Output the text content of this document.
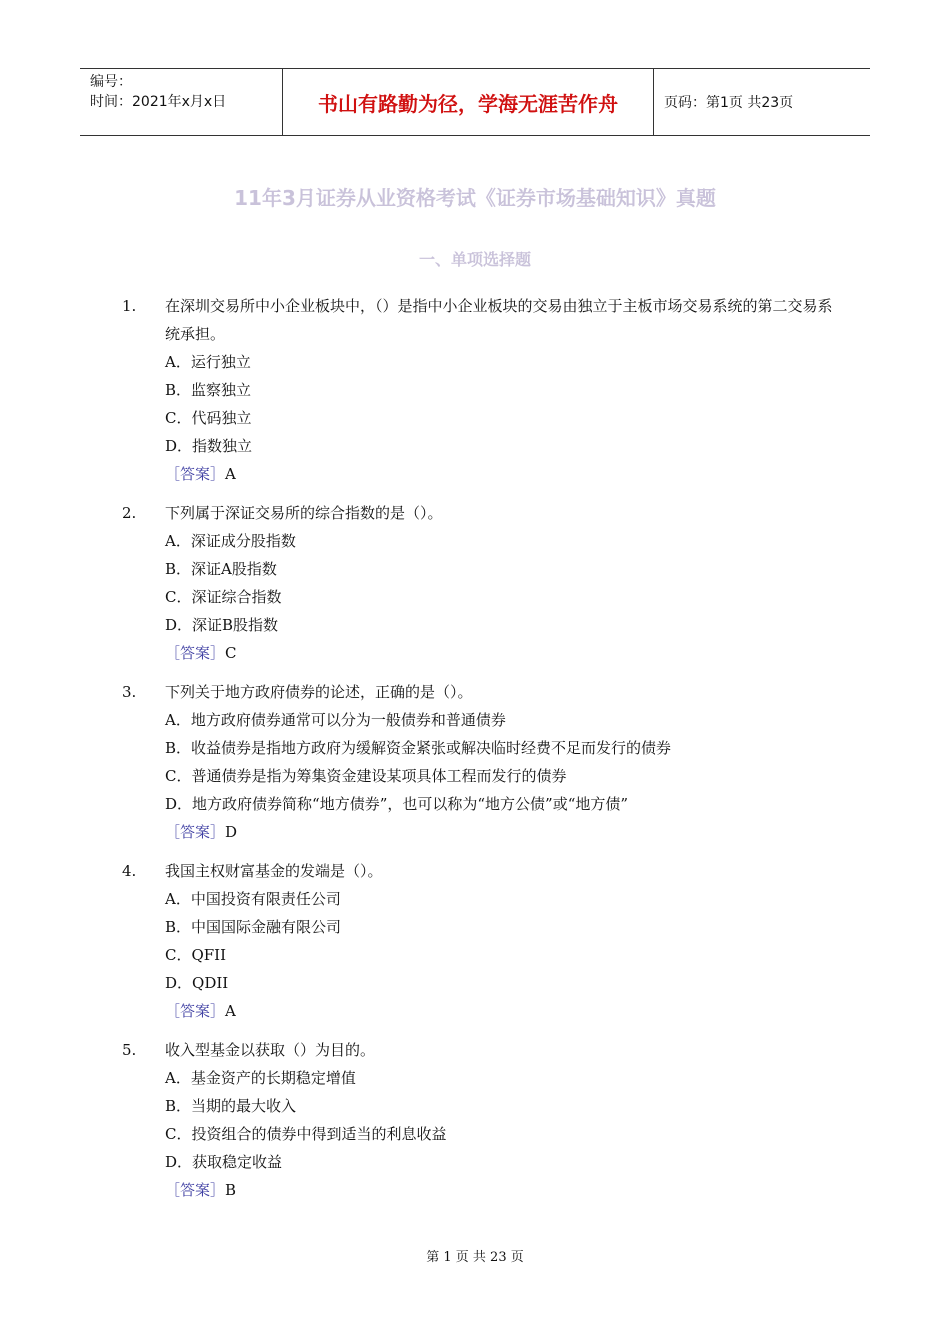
编号：
时间：2021年x月x日	书山有路勤为径，学海无涯苦作舟	页码：第1页 共23页
11年3月证券从业资格考试《证券市场基础知识》真题
一、单项选择题
1.	在深圳交易所中小企业板块中，（）是指中小企业板块的交易由独立于主板市场交易系统的第二交易系统承担。
A．运行独立
B．监察独立
C．代码独立
D．指数独立
［答案］A
2.	下列属于深证交易所的综合指数的是（）。
A．深证成分股指数
B．深证A股指数
C．深证综合指数
D．深证B股指数
［答案］C
3.	下列关于地方政府债券的论述，正确的是（）。
A．地方政府债券通常可以分为一般债券和普通债券
B．收益债券是指地方政府为缓解资金紧张或解决临时经费不足而发行的债券
C．普通债券是指为筹集资金建设某项具体工程而发行的债券
D．地方政府债券简称“地方债券”，也可以称为“地方公债”或“地方债”
［答案］D
4.	我国主权财富基金的发端是（）。
A．中国投资有限责任公司
B．中国国际金融有限公司
C．QFII
D．QDII
［答案］A
5.	收入型基金以获取（）为目的。
A．基金资产的长期稳定增值
B．当期的最大收入
C．投资组合的债券中得到适当的利息收益
D．获取稳定收益
［答案］B
第 1 页 共 23 页
